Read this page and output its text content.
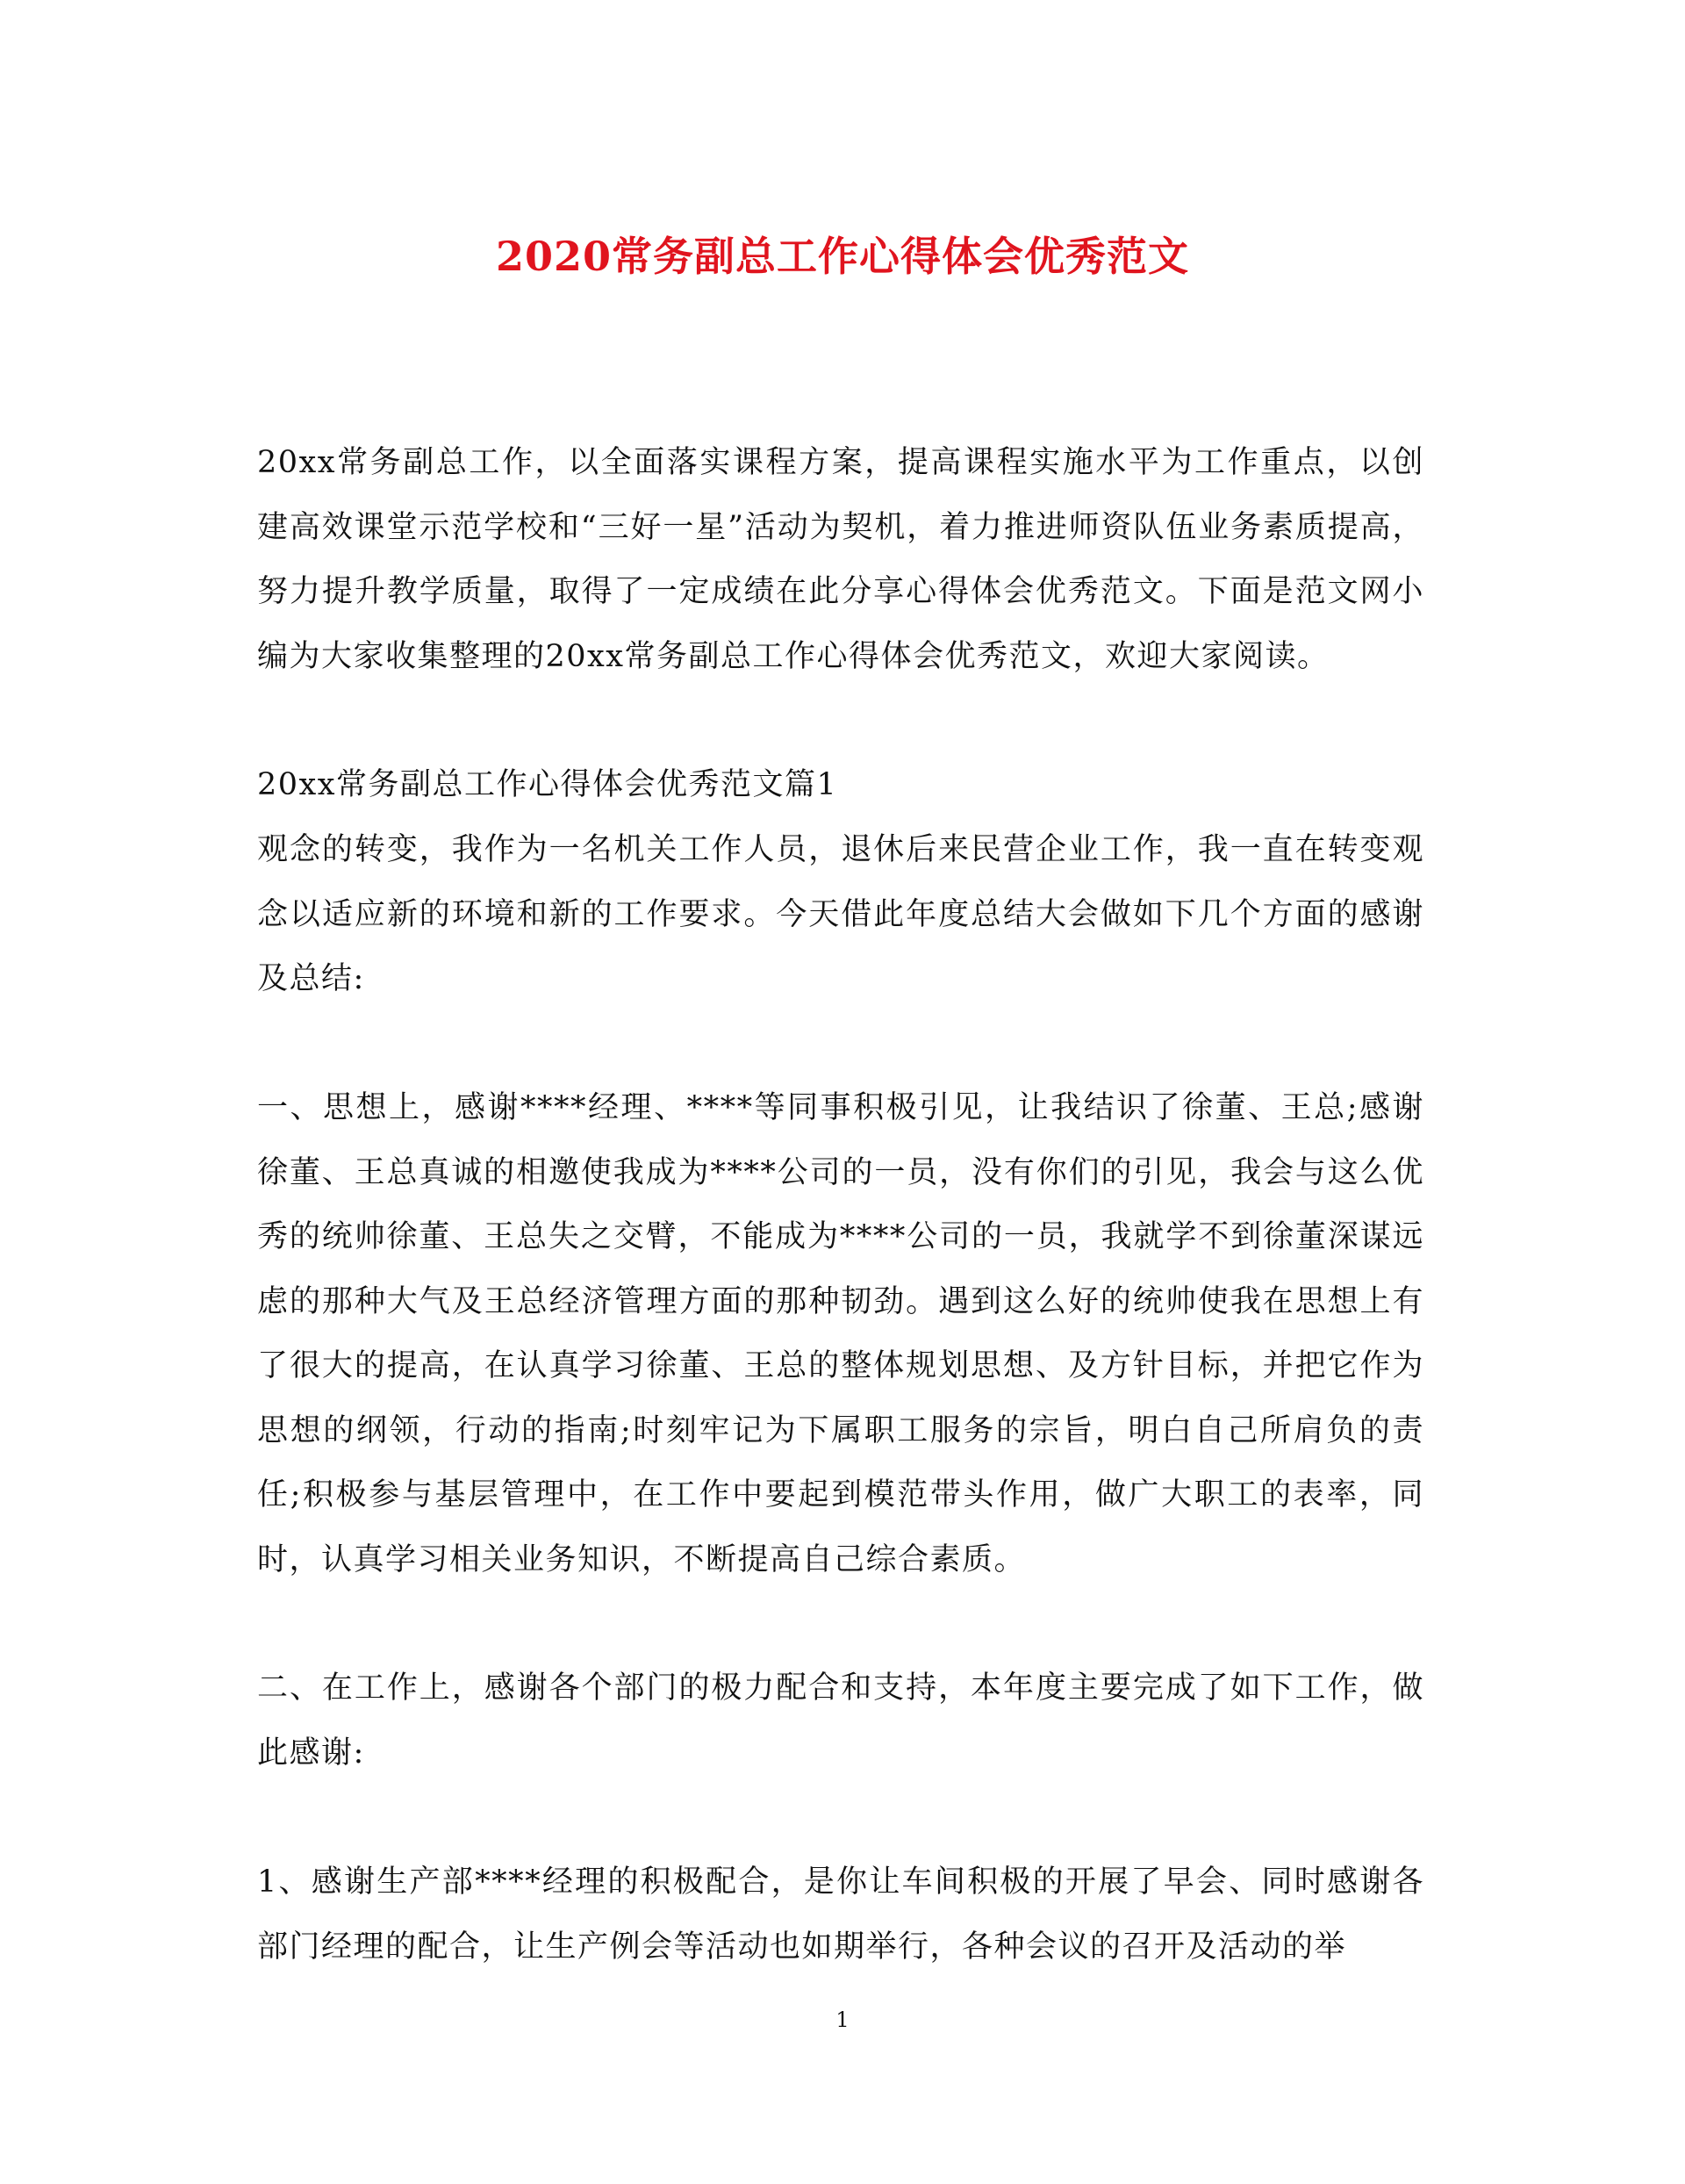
2020常务副总工作心得体会优秀范文

20xx常务副总工作，以全面落实课程方案，提高课程实施水平为工作重点，以创建高效课堂示范学校和“三好一星”活动为契机，着力推进师资队伍业务素质提高，努力提升教学质量，取得了一定成绩在此分享心得体会优秀范文。下面是范文网小编为大家收集整理的20xx常务副总工作心得体会优秀范文，欢迎大家阅读。

20xx常务副总工作心得体会优秀范文篇1

观念的转变，我作为一名机关工作人员，退休后来民营企业工作，我一直在转变观念以适应新的环境和新的工作要求。今天借此年度总结大会做如下几个方面的感谢及总结:

一、思想上，感谢****经理、****等同事积极引见，让我结识了徐董、王总;感谢徐董、王总真诚的相邀使我成为****公司的一员，没有你们的引见，我会与这么优秀的统帅徐董、王总失之交臂，不能成为****公司的一员，我就学不到徐董深谋远虑的那种大气及王总经济管理方面的那种韧劲。遇到这么好的统帅使我在思想上有了很大的提高，在认真学习徐董、王总的整体规划思想、及方针目标，并把它作为思想的纲领，行动的指南;时刻牢记为下属职工服务的宗旨，明白自己所肩负的责任;积极参与基层管理中，在工作中要起到模范带头作用，做广大职工的表率，同时，认真学习相关业务知识，不断提高自己综合素质。

二、在工作上，感谢各个部门的极力配合和支持，本年度主要完成了如下工作，做此感谢:

1、感谢生产部****经理的积极配合，是你让车间积极的开展了早会、同时感谢各部门经理的配合，让生产例会等活动也如期举行，各种会议的召开及活动的举

1
